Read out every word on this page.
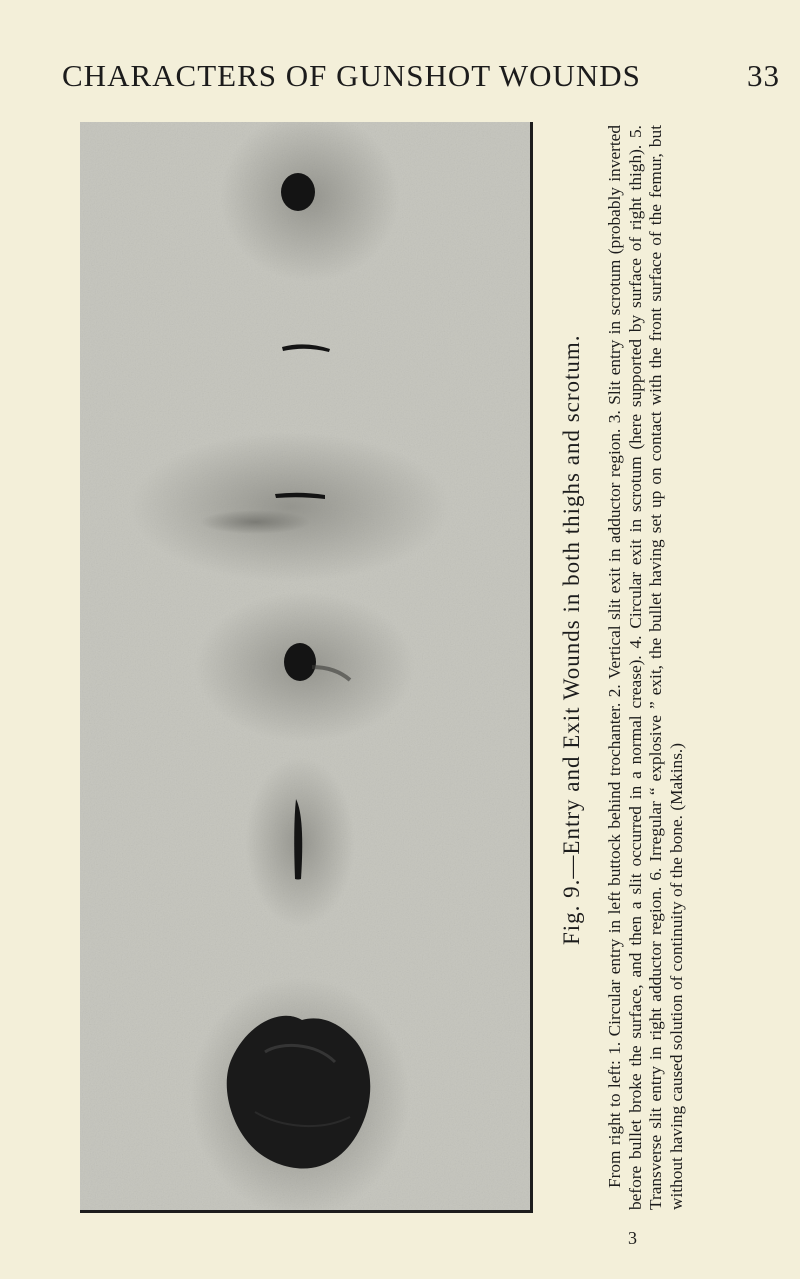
CHARACTERS OF GUNSHOT WOUNDS	33
Fig. 9.—Entry and Exit Wounds in both thighs and scrotum. From right to left: 1. Circular entry in left buttock behind trochanter. 2. Vertical slit exit in adductor region. 3. Slit entry in scrotum (probably inverted before bullet broke the surface, and then a slit occurred in a normal crease). 4. Circular exit in scrotum (here supported by surface of right thigh). 5. Transverse slit entry in right adductor region. 6. Irregular “ explosive ” exit, the bullet having set up on contact with the front surface of the femur, but without having caused solution of continuity of the bone. (Makins.)
3
